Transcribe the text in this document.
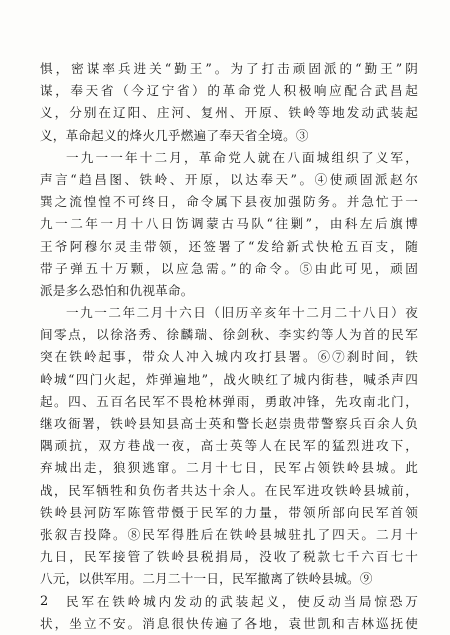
惧，密谋率兵进关“勤王”。为了打击顽固派的“勤王”阴
谋，奉天省（今辽宁省）的革命党人积极响应配合武昌起
义，分别在辽阳、庄河、复州、开原、铁岭等地发动武装起
义，革命起义的烽火几乎燃遍了奉天省全境。③
一九一一年十二月，革命党人就在八面城组织了义军，
声言“趋昌图、铁岭、开原，以达奉天”。④使顽固派赵尔
巽之流惶惶不可终日，命令属下县夜加强防务。并急忙于一
九一二年一月十八日饬调蒙古马队“往剿”，由科左后旗博
王爷阿穆尔灵圭带领，还签署了“发给新式快枪五百支，随
带子弹五十万颗，以应急需。”的命令。⑤由此可见，顽固
派是多么恐怕和仇视革命。
一九一二年二月十六日（旧历辛亥年十二月二十八日）夜
间零点，以徐洛秀、徐麟瑞、徐剑秋、李实约等人为首的民军
突在铁岭起事，带众人冲入城内攻打县署。⑥⑦刹时间，铁
岭城“四门火起，炸弹遍地”，战火映红了城内街巷，喊杀声四
起。四、五百名民军不畏枪林弹雨，勇敢冲锋，先攻南北门，
继攻衙署，铁岭县知县高士英和警长赵崇贵带警察兵百余人负
隅顽抗，双方巷战一夜，高士英等人在民军的猛烈进攻下，
弃城出走，狼狈逃窜。二月十七日，民军占领铁岭县城。此
战，民军牺牲和负伤者共达十余人。在民军进攻铁岭县城前，
铁岭县河防军陈管带慑于民军的力量，带领所部向民军首领
张叙吉投降。⑧民军得胜后在铁岭县城驻扎了四天。二月十
九日，民军接管了铁岭县税捐局，没收了税款七千六百七十
八元，以供军用。二月二十一日，民军撤离了铁岭县城。⑨
民军在铁岭城内发动的武装起义，使反动当局惊恐万
状，坐立不安。消息很快传遍了各地，袁世凯和吉林巡抚使
2
